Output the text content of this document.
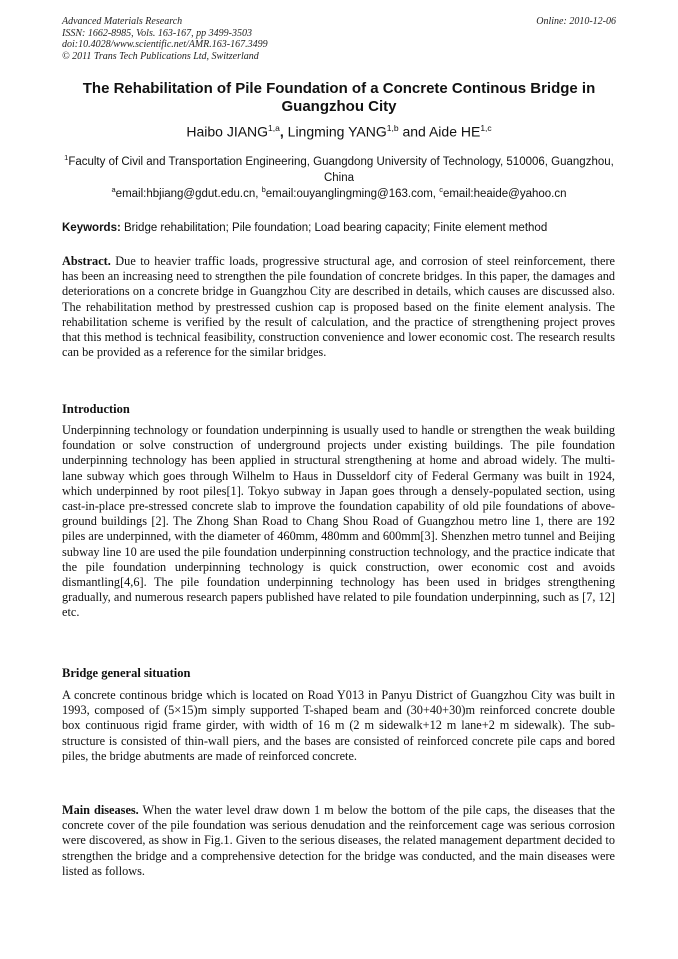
Advanced Materials Research
ISSN: 1662-8985, Vols. 163-167, pp 3499-3503
doi:10.4028/www.scientific.net/AMR.163-167.3499
© 2011 Trans Tech Publications Ltd, Switzerland
Online: 2010-12-06
The Rehabilitation of Pile Foundation of a Concrete Continous Bridge in Guangzhou City
Haibo JIANG$^{1,a}$, Lingming YANG$^{1,b}$ and Aide HE$^{1,c}$
$^1$Faculty of Civil and Transportation Engineering, Guangdong University of Technology, 510006, Guangzhou, China
$^a$email:hbjiang@gdut.edu.cn, $^b$email:ouyanglingming@163.com, $^c$email:heaide@yahoo.cn
Keywords: Bridge rehabilitation; Pile foundation; Load bearing capacity; Finite element method
Abstract. Due to heavier traffic loads, progressive structural age, and corrosion of steel reinforcement, there has been an increasing need to strengthen the pile foundation of concrete bridges. In this paper, the damages and deteriorations on a concrete bridge in Guangzhou City are described in details, which causes are discussed also. The rehabilitation method by prestressed cushion cap is proposed based on the finite element analysis. The rehabilitation scheme is verified by the result of calculation, and the practice of strengthening project proves that this method is technical feasibility, construction convenience and lower economic cost. The research results can be provided as a reference for the similar bridges.
Introduction
Underpinning technology or foundation underpinning is usually used to handle or strengthen the weak building foundation or solve construction of underground projects under existing buildings. The pile foundation underpinning technology has been applied in structural strengthening at home and abroad widely. The multi-lane subway which goes through Wilhelm to Haus in Dusseldorf city of Federal Germany was built in 1924, which underpinned by root piles[1]. Tokyo subway in Japan goes through a densely-populated section, using cast-in-place pre-stressed concrete slab to improve the foundation capability of old pile foundations of above-ground buildings [2]. The Zhong Shan Road to Chang Shou Road of Guangzhou metro line 1, there are 192 piles are underpinned, with the diameter of 460mm, 480mm and 600mm[3]. Shenzhen metro tunnel and Beijing subway line 10 are used the pile foundation underpinning construction technology, and the practice indicate that the pile foundation underpinning technology is quick construction, ower economic cost and avoids dismantling[4,6]. The pile foundation underpinning technology has been used in bridges strengthening gradually, and numerous research papers published have related to pile foundation underpinning, such as [7, 12] etc.
Bridge general situation
A concrete continous bridge which is located on Road Y013 in Panyu District of Guangzhou City was built in 1993, composed of (5×15)m simply supported T-shaped beam and (30+40+30)m reinforced concrete double box continuous rigid frame girder, with width of 16 m (2 m sidewalk+12 m lane+2 m sidewalk). The sub-structure is consisted of thin-wall piers, and the bases are consisted of reinforced concrete pile caps and bored piles, the bridge abutments are made of reinforced concrete.
Main diseases. When the water level draw down 1 m below the bottom of the pile caps, the diseases that the concrete cover of the pile foundation was serious denudation and the reinforcement cage was serious corrosion were discovered, as show in Fig.1. Given to the serious diseases, the related management department decided to strengthen the bridge and a comprehensive detection for the bridge was conducted, and the main diseases were listed as follows.
